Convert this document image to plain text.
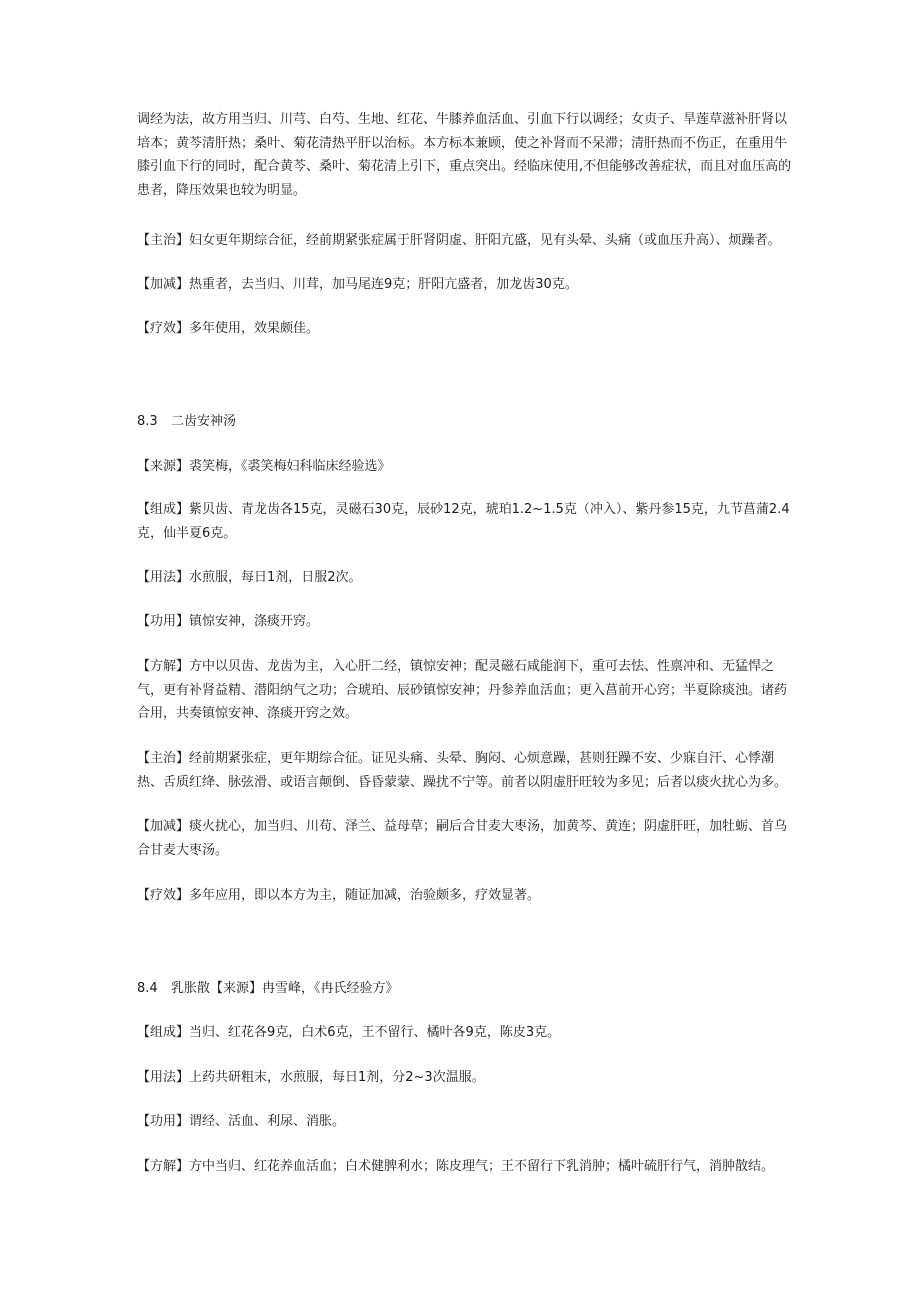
调经为法，故方用当归、川芎、白芍、生地、红花、牛膝养血活血、引血下行以调经；女贞子、旱莲草滋补肝肾以培本；黄芩清肝热；桑叶、菊花清热平肝以治标。本方标本兼顾，使之补肾而不呆滞；清肝热而不伤正，在重用牛膝引血下行的同时，配合黄芩、桑叶、菊花清上引下，重点突出。经临床使用,不但能够改善症状，而且对血压高的患者，降压效果也较为明显。

【主治】妇女更年期综合征，经前期紧张症属于肝肾阴虚、肝阳亢盛，见有头晕、头痛（或血压升高）、烦躁者。

【加减】热重者，去当归、川茸，加马尾连9克；肝阳亢盛者，加龙齿30克。

【疗效】多年使用，效果颇佳。

8.3 二齿安神汤

【来源】裘笑梅，《裘笑梅妇科临床经验选》

【组成】紫贝齿、青龙齿各15克，灵磁石30克，辰砂12克，琥珀1.2~1.5克（冲入）、紫丹参15克，九节菖蒲2.4克，仙半夏6克。

【用法】水煎服，每日1剂，日服2次。

【功用】镇惊安神，涤痰开窍。

【方解】方中以贝齿、龙齿为主，入心肝二经，镇惊安神；配灵磁石咸能润下，重可去怯、性禀冲和、无猛悍之气，更有补肾益精、潜阳纳气之功；合琥珀、辰砂镇惊安神；丹参养血活血；更入菖前开心窍；半夏除痰浊。诸药合用，共奏镇惊安神、涤痰开窍之效。

【主治】经前期紧张症，更年期综合征。证见头痛、头晕、胸闷、心烦意躁，甚则狂躁不安、少寐自汗、心悸潮热、舌质红绛、脉弦滑、或语言颠倒、昏昏蒙蒙、躁扰不宁等。前者以阴虚肝旺较为多见；后者以痰火扰心为多。

【加减】痰火扰心，加当归、川苟、泽兰、益母草；嗣后合甘麦大枣汤，加黄芩、黄连；阴虚肝旺，加牡蛎、首乌合甘麦大枣汤。

【疗效】多年应用，即以本方为主，随证加减，治验颇多，疗效显著。

8.4 乳胀散【来源】冉雪峰，《冉氏经验方》

【组成】当归、红花各9克，白术6克，王不留行、橘叶各9克，陈皮3克。

【用法】上药共研粗末，水煎服，每日1剂，分2~3次温服。

【功用】谓经、活血、利尿、消胀。

【方解】方中当归、红花养血活血；白术健脾利水；陈皮理气；王不留行下乳消肿；橘叶硫肝行气，消肿散结。
